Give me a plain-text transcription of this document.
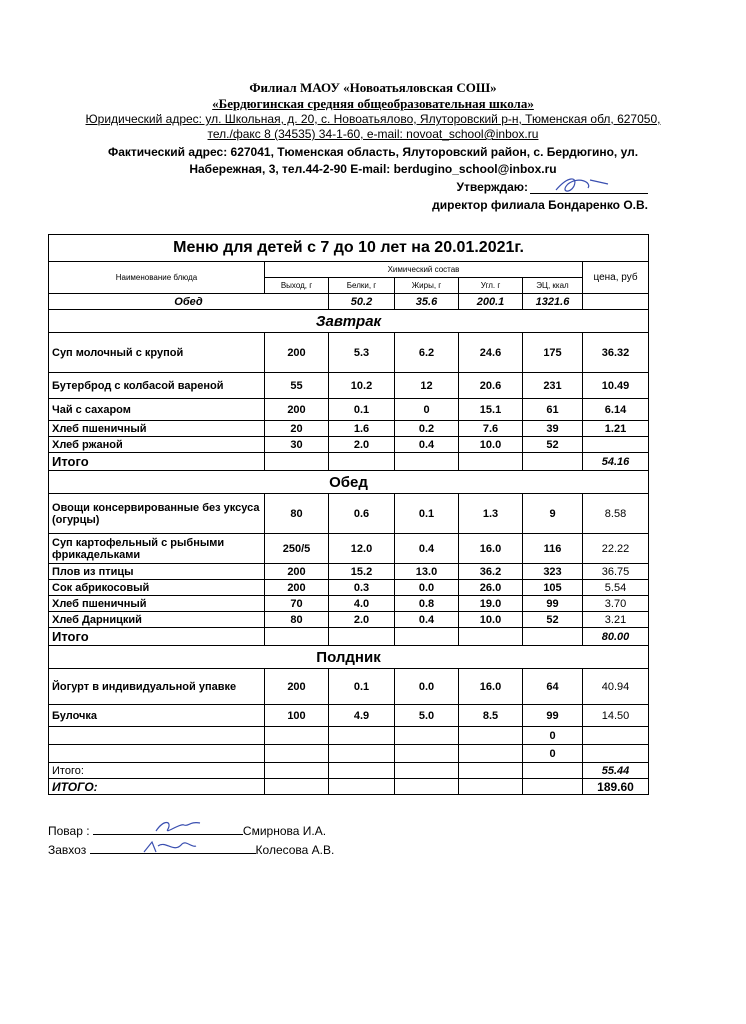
Филиал МАОУ «Новоатьяловская СОШ»
«Бердюгинская средняя общеобразовательная школа»
Юридический адрес: ул. Школьная, д. 20, с. Новоатьялово, Ялуторовский р-н, Тюменская обл, 627050,
тел./факс 8 (34535) 34-1-60, e-mail: novoat_school@inbox.ru
Фактический адрес: 627041, Тюменская область, Ялуторовский район, с. Бердюгино, ул.
Набережная, 3, тел.44-2-90 E-mail: berdugino_school@inbox.ru
Утверждаю:
директор филиала Бондаренко О.В.
Меню для детей с 7 до 10 лет на 20.01.2021г.						
Наименование блюда	Химический состав					цена, руб
	Выход, г	Белки, г	Жиры, г	Угл. г	ЭЦ, ккал	
Обед		50.2	35.6	200.1	1321.6	
Завтрак						
Суп молочный с крупой	200	5.3	6.2	24.6	175	36.32
Бутерброд с колбасой вареной	55	10.2	12	20.6	231	10.49
Чай с сахаром	200	0.1	0	15.1	61	6.14
Хлеб пшеничный	20	1.6	0.2	7.6	39	1.21
Хлеб ржаной	30	2.0	0.4	10.0	52	
Итого						54.16
Обед						
Овощи консервированные без уксуса (огурцы)	80	0.6	0.1	1.3	9	8.58
Суп картофельный с рыбными фрикадельками	250/5	12.0	0.4	16.0	116	22.22
Плов из птицы	200	15.2	13.0	36.2	323	36.75
Сок абрикосовый	200	0.3	0.0	26.0	105	5.54
Хлеб пшеничный	70	4.0	0.8	19.0	99	3.70
Хлеб Дарницкий	80	2.0	0.4	10.0	52	3.21
Итого						80.00
Полдник						
Йогурт в индивидуальной упавке	200	0.1	0.0	16.0	64	40.94
Булочка	100	4.9	5.0	8.5	99	14.50
					0	
					0	
Итого:						55.44
ИТОГО:						189.60
Повар :	Смирнова И.А.
Завхоз	Колесова А.В.
